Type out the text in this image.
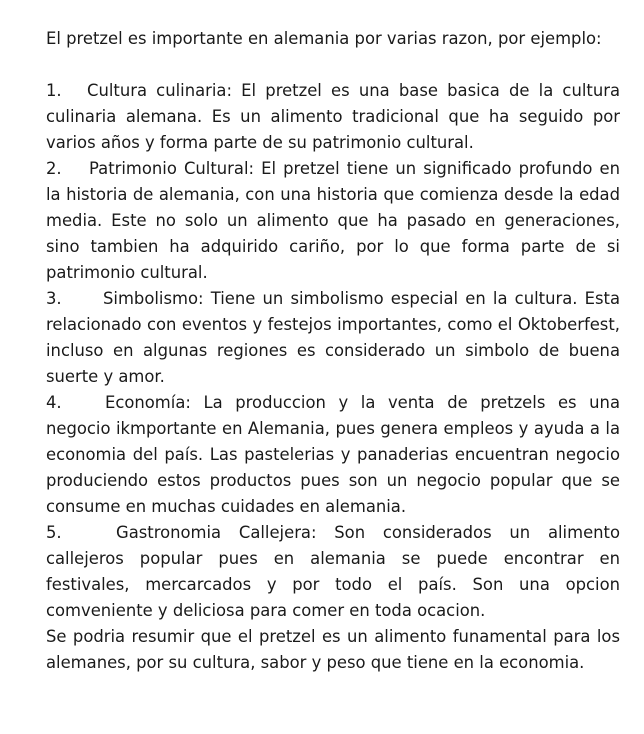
El pretzel es importante en alemania por varias razon, por ejemplo:

1. Cultura culinaria: El pretzel es una base basica de la cultura culinaria alemana. Es un alimento tradicional que ha seguido por varios años y forma parte de su patrimonio cultural.

2. Patrimonio Cultural: El pretzel tiene un significado profundo en la historia de alemania, con una historia que comienza desde la edad media. Este no solo un alimento que ha pasado en generaciones, sino tambien ha adquirido cariño, por lo que forma parte de si patrimonio cultural.

3.	Simbolismo: Tiene un simbolismo especial en la cultura. Esta relacionado con eventos y festejos importantes, como el Oktoberfest, incluso en algunas regiones es considerado un simbolo de buena suerte y amor.

4.	Economía: La produccion y la venta de pretzels es una negocio ikmportante en Alemania, pues genera empleos y ayuda a la economia del país. Las pastelerias y panaderias encuentran negocio produciendo estos productos pues son un negocio popular que se consume en muchas cuidades en alemania.

5.	Gastronomia Callejera: Son considerados un alimento callejeros popular pues en alemania se puede encontrar en festivales, mercarcados y por todo el país. Son una opcion comveniente y deliciosa para comer en toda ocacion.

Se podria resumir que el pretzel es un alimento funamental para los alemanes, por su cultura, sabor y peso que tiene en la economia.
